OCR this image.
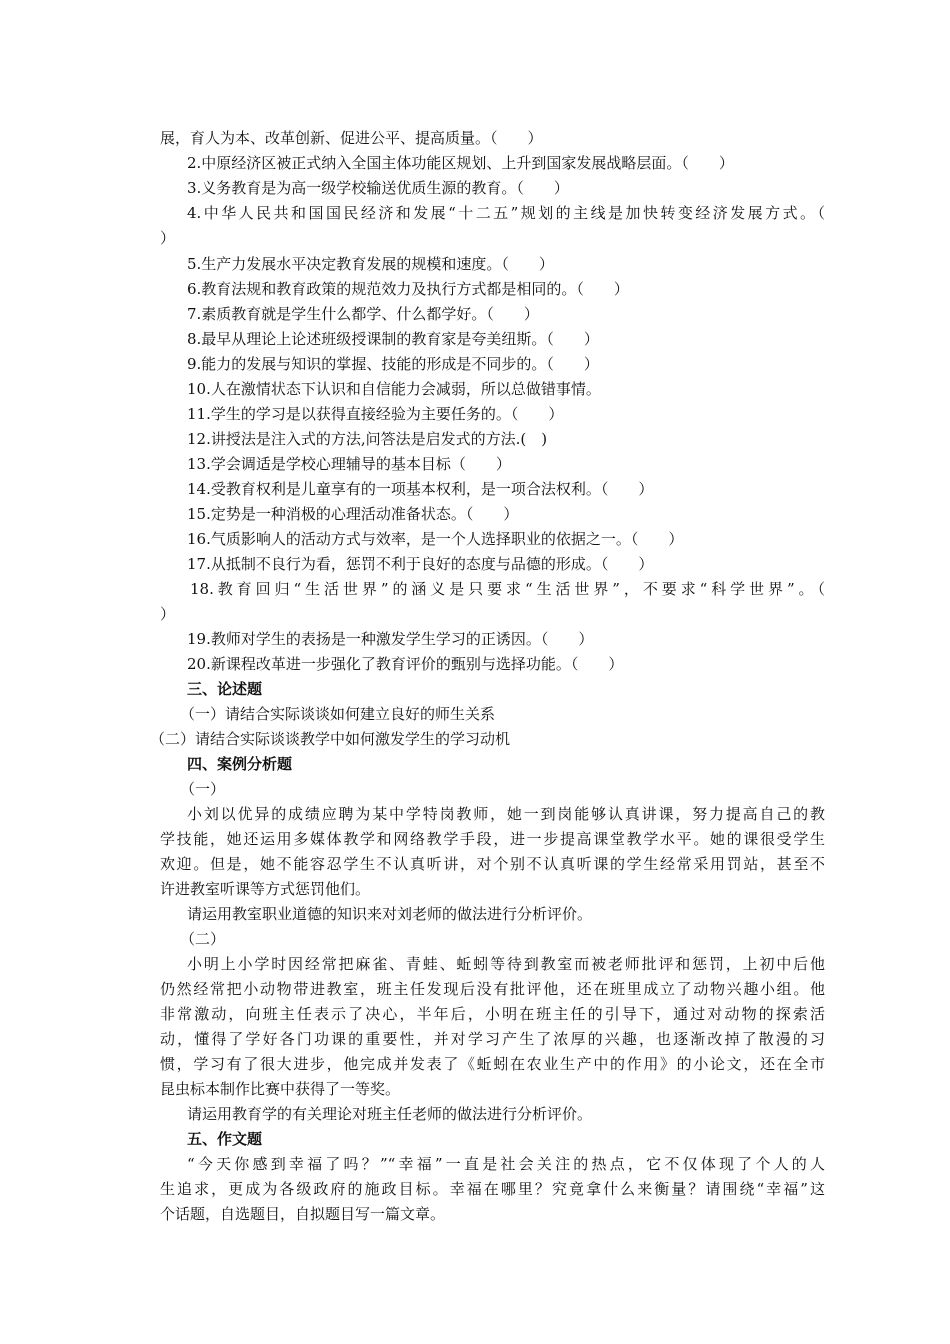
展，育人为本、改革创新、促进公平、提高质量。（　　）
2.中原经济区被正式纳入全国主体功能区规划、上升到国家发展战略层面。（　　）
3.义务教育是为高一级学校输送优质生源的教育。（　　）
4.中华人民共和国国民经济和发展“十二五”规划的主线是加快转变经济发展方式。（
）
5.生产力发展水平决定教育发展的规模和速度。（　　）
6.教育法规和教育政策的规范效力及执行方式都是相同的。（　　）
7.素质教育就是学生什么都学、什么都学好。（　　）
8.最早从理论上论述班级授课制的教育家是夸美纽斯。（　　）
9.能力的发展与知识的掌握、技能的形成是不同步的。（　　）
10.人在激情状态下认识和自信能力会减弱，所以总做错事情。
11.学生的学习是以获得直接经验为主要任务的。（　　）
12.讲授法是注入式的方法,问答法是启发式的方法.(　)
13.学会调适是学校心理辅导的基本目标（　　）
14.受教育权利是儿童享有的一项基本权利，是一项合法权利。（　　）
15.定势是一种消极的心理活动准备状态。（　　）
16.气质影响人的活动方式与效率，是一个人选择职业的依据之一。（　　）
17.从抵制不良行为看，惩罚不利于良好的态度与品德的形成。（　　）
18.教育回归“生活世界”的涵义是只要求“生活世界”，不要求“科学世界”。（
）
19.教师对学生的表扬是一种激发学生学习的正诱因。（　　）
20.新课程改革进一步强化了教育评价的甄别与选择功能。（　　）
三、论述题
（一）请结合实际谈谈如何建立良好的师生关系
（二）请结合实际谈谈教学中如何激发学生的学习动机
四、案例分析题
（一）
小刘以优异的成绩应聘为某中学特岗教师，她一到岗能够认真讲课，努力提高自己的教
学技能，她还运用多媒体教学和网络教学手段，进一步提高课堂教学水平。她的课很受学生
欢迎。但是，她不能容忍学生不认真听讲，对个别不认真听课的学生经常采用罚站，甚至不
许进教室听课等方式惩罚他们。
请运用教室职业道德的知识来对刘老师的做法进行分析评价。
（二）
小明上小学时因经常把麻雀、青蛙、蚯蚓等待到教室而被老师批评和惩罚，上初中后他
仍然经常把小动物带进教室，班主任发现后没有批评他，还在班里成立了动物兴趣小组。他
非常激动，向班主任表示了决心，半年后，小明在班主任的引导下，通过对动物的探索活
动，懂得了学好各门功课的重要性，并对学习产生了浓厚的兴趣，也逐渐改掉了散漫的习
惯，学习有了很大进步，他完成并发表了《蚯蚓在农业生产中的作用》的小论文，还在全市
昆虫标本制作比赛中获得了一等奖。
请运用教育学的有关理论对班主任老师的做法进行分析评价。
五、作文题
“今天你感到幸福了吗？”“幸福”一直是社会关注的热点，它不仅体现了个人的人
生追求，更成为各级政府的施政目标。幸福在哪里？究竟拿什么来衡量？请围绕“幸福”这
个话题，自选题目，自拟题目写一篇文章。
